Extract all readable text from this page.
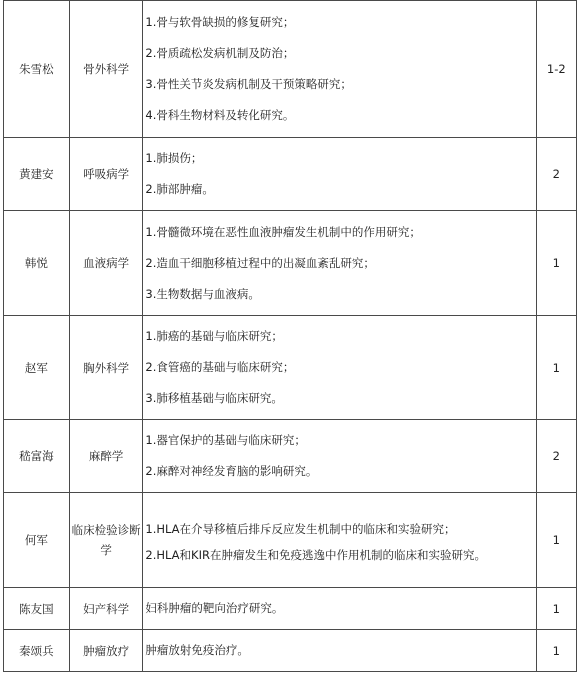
朱雪松	骨外科学	1.骨与软骨缺损的修复研究；
2.骨质疏松发病机制及防治；
3.骨性关节炎发病机制及干预策略研究；
4.骨科生物材料及转化研究。	1-2
黄建安	呼吸病学	1.肺损伤；
2.肺部肿瘤。	2
韩悦	血液病学	1.骨髓微环境在恶性血液肿瘤发生机制中的作用研究；
2.造血干细胞移植过程中的出凝血紊乱研究；
3.生物数据与血液病。	1
赵军	胸外科学	1.肺癌的基础与临床研究；
2.食管癌的基础与临床研究；
3.肺移植基础与临床研究。	1
嵇富海	麻醉学	1.器官保护的基础与临床研究；
2.麻醉对神经发育脑的影响研究。	2
何军	临床检验诊断学	1.HLA在介导移植后排斥反应发生机制中的临床和实验研究；
2.HLA和KIR在肿瘤发生和免疫逃逸中作用机制的临床和实验研究。	1
陈友国	妇产科学	妇科肿瘤的靶向治疗研究。	1
秦颂兵	肿瘤放疗	肿瘤放射免疫治疗。	1
